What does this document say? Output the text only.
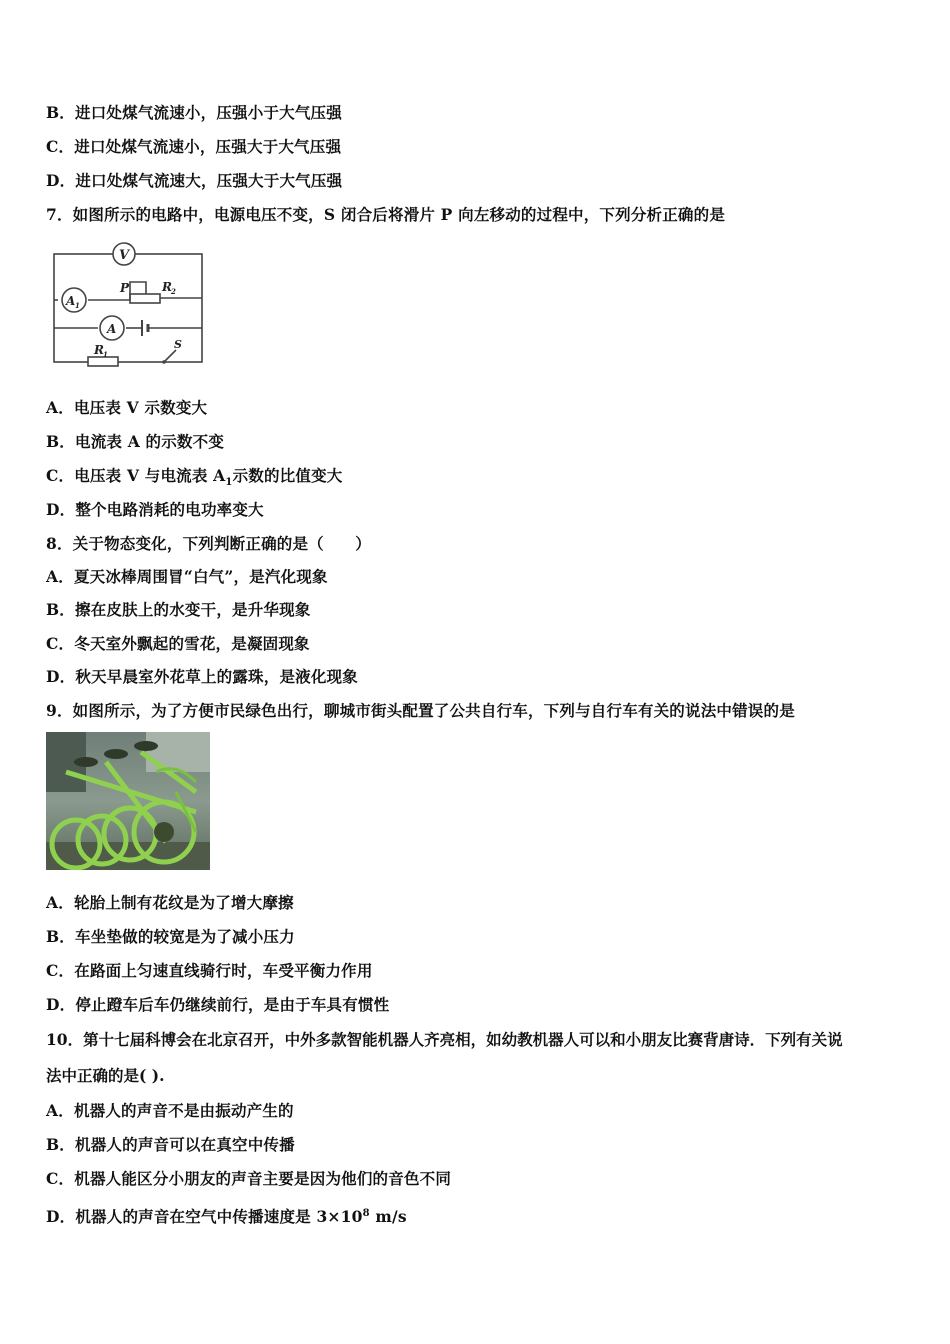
B．进口处煤气流速小，压强小于大气压强
C．进口处煤气流速小，压强大于大气压强
D．进口处煤气流速大，压强大于大气压强
7．如图所示的电路中，电源电压不变，S 闭合后将滑片 P 向左移动的过程中，下列分析正确的是
V
A 1
A
P	R 2
R 1
S
A．电压表 V 示数变大
B．电流表 A 的示数不变
C．电压表 V 与电流表 $A_1$示数的比值变大
D．整个电路消耗的电功率变大
8．关于物态变化，下列判断正确的是（　　）
A．夏天冰棒周围冒“白气”，是汽化现象
B．擦在皮肤上的水变干，是升华现象
C．冬天室外飘起的雪花，是凝固现象
D．秋天早晨室外花草上的露珠，是液化现象
9．如图所示，为了方便市民绿色出行，聊城市街头配置了公共自行车，下列与自行车有关的说法中错误的是
A．轮胎上制有花纹是为了增大摩擦
B．车坐垫做的较宽是为了减小压力
C．在路面上匀速直线骑行时，车受平衡力作用
D．停止蹬车后车仍继续前行，是由于车具有惯性
10．第十七届科博会在北京召开，中外多款智能机器人齐亮相，如幼教机器人可以和小朋友比赛背唐诗．下列有关说
法中正确的是( ).
A．机器人的声音不是由振动产生的
B．机器人的声音可以在真空中传播
C．机器人能区分小朋友的声音主要是因为他们的音色不同
D．机器人的声音在空气中传播速度是 $3\times 10^8$ m/s
